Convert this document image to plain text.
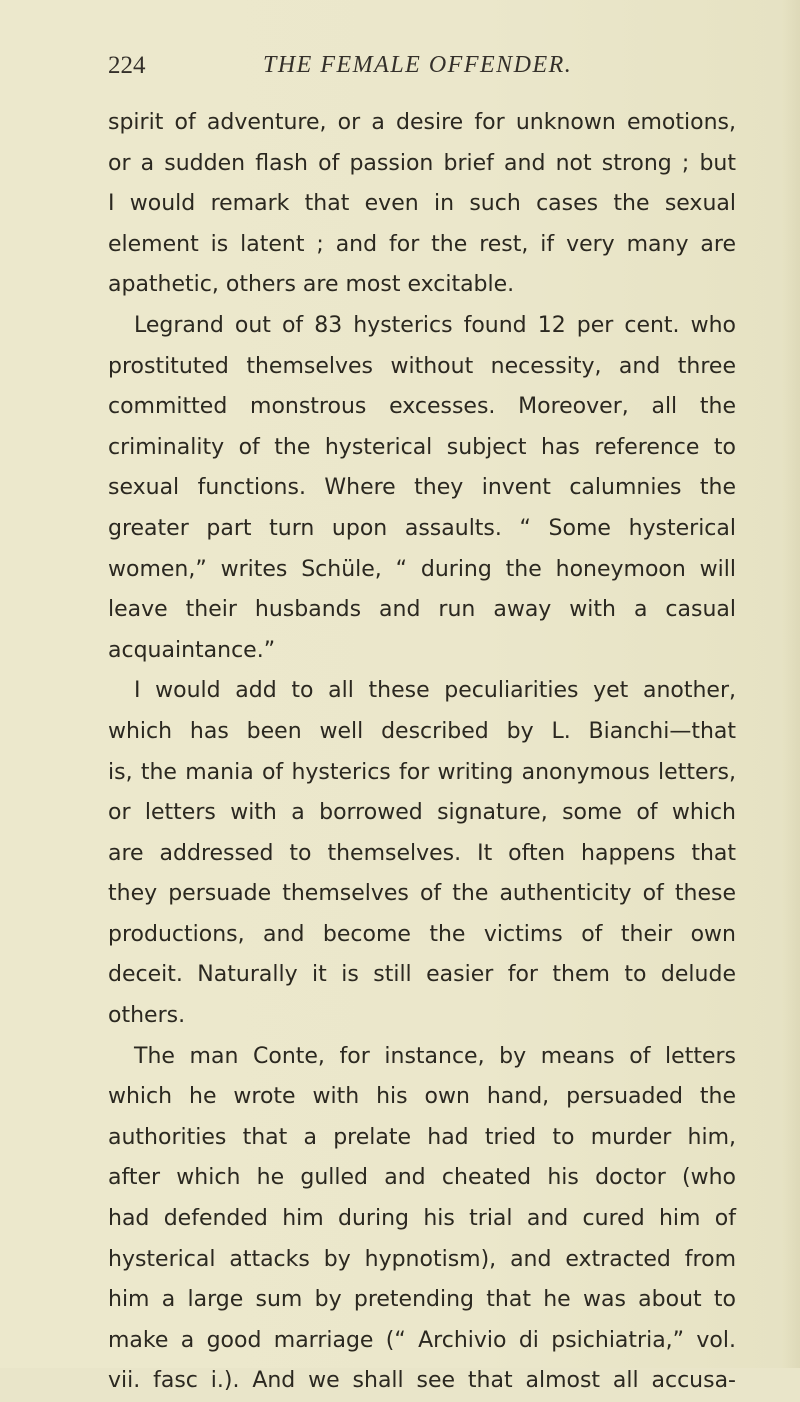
224	THE FEMALE OFFENDER.
spirit of adventure, or a desire for unknown emotions,
or a sudden flash of passion brief and not strong ; but
I would remark that even in such cases the sexual
element is latent ; and for the rest, if very many are
apathetic, others are most excitable.
Legrand out of 83 hysterics found 12 per cent. who
prostituted themselves without necessity, and three
committed monstrous excesses. Moreover, all the
criminality of the hysterical subject has reference to
sexual functions. Where they invent calumnies the
greater part turn upon assaults. “ Some hysterical
women,” writes Schüle, “ during the honeymoon will
leave their husbands and run away with a casual
acquaintance.”
I would add to all these peculiarities yet another,
which has been well described by L. Bianchi—that
is, the mania of hysterics for writing anonymous letters,
or letters with a borrowed signature, some of which
are addressed to themselves. It often happens that
they persuade themselves of the authenticity of these
productions, and become the victims of their own
deceit. Naturally it is still easier for them to delude
others.
The man Conte, for instance, by means of letters
which he wrote with his own hand, persuaded the
authorities that a prelate had tried to murder him,
after which he gulled and cheated his doctor (who
had defended him during his trial and cured him of
hysterical attacks by hypnotism), and extracted from
him a large sum by pretending that he was about to
make a good marriage (“ Archivio di psichiatria,” vol.
vii. fasc i.). And we shall see that almost all accusa-
